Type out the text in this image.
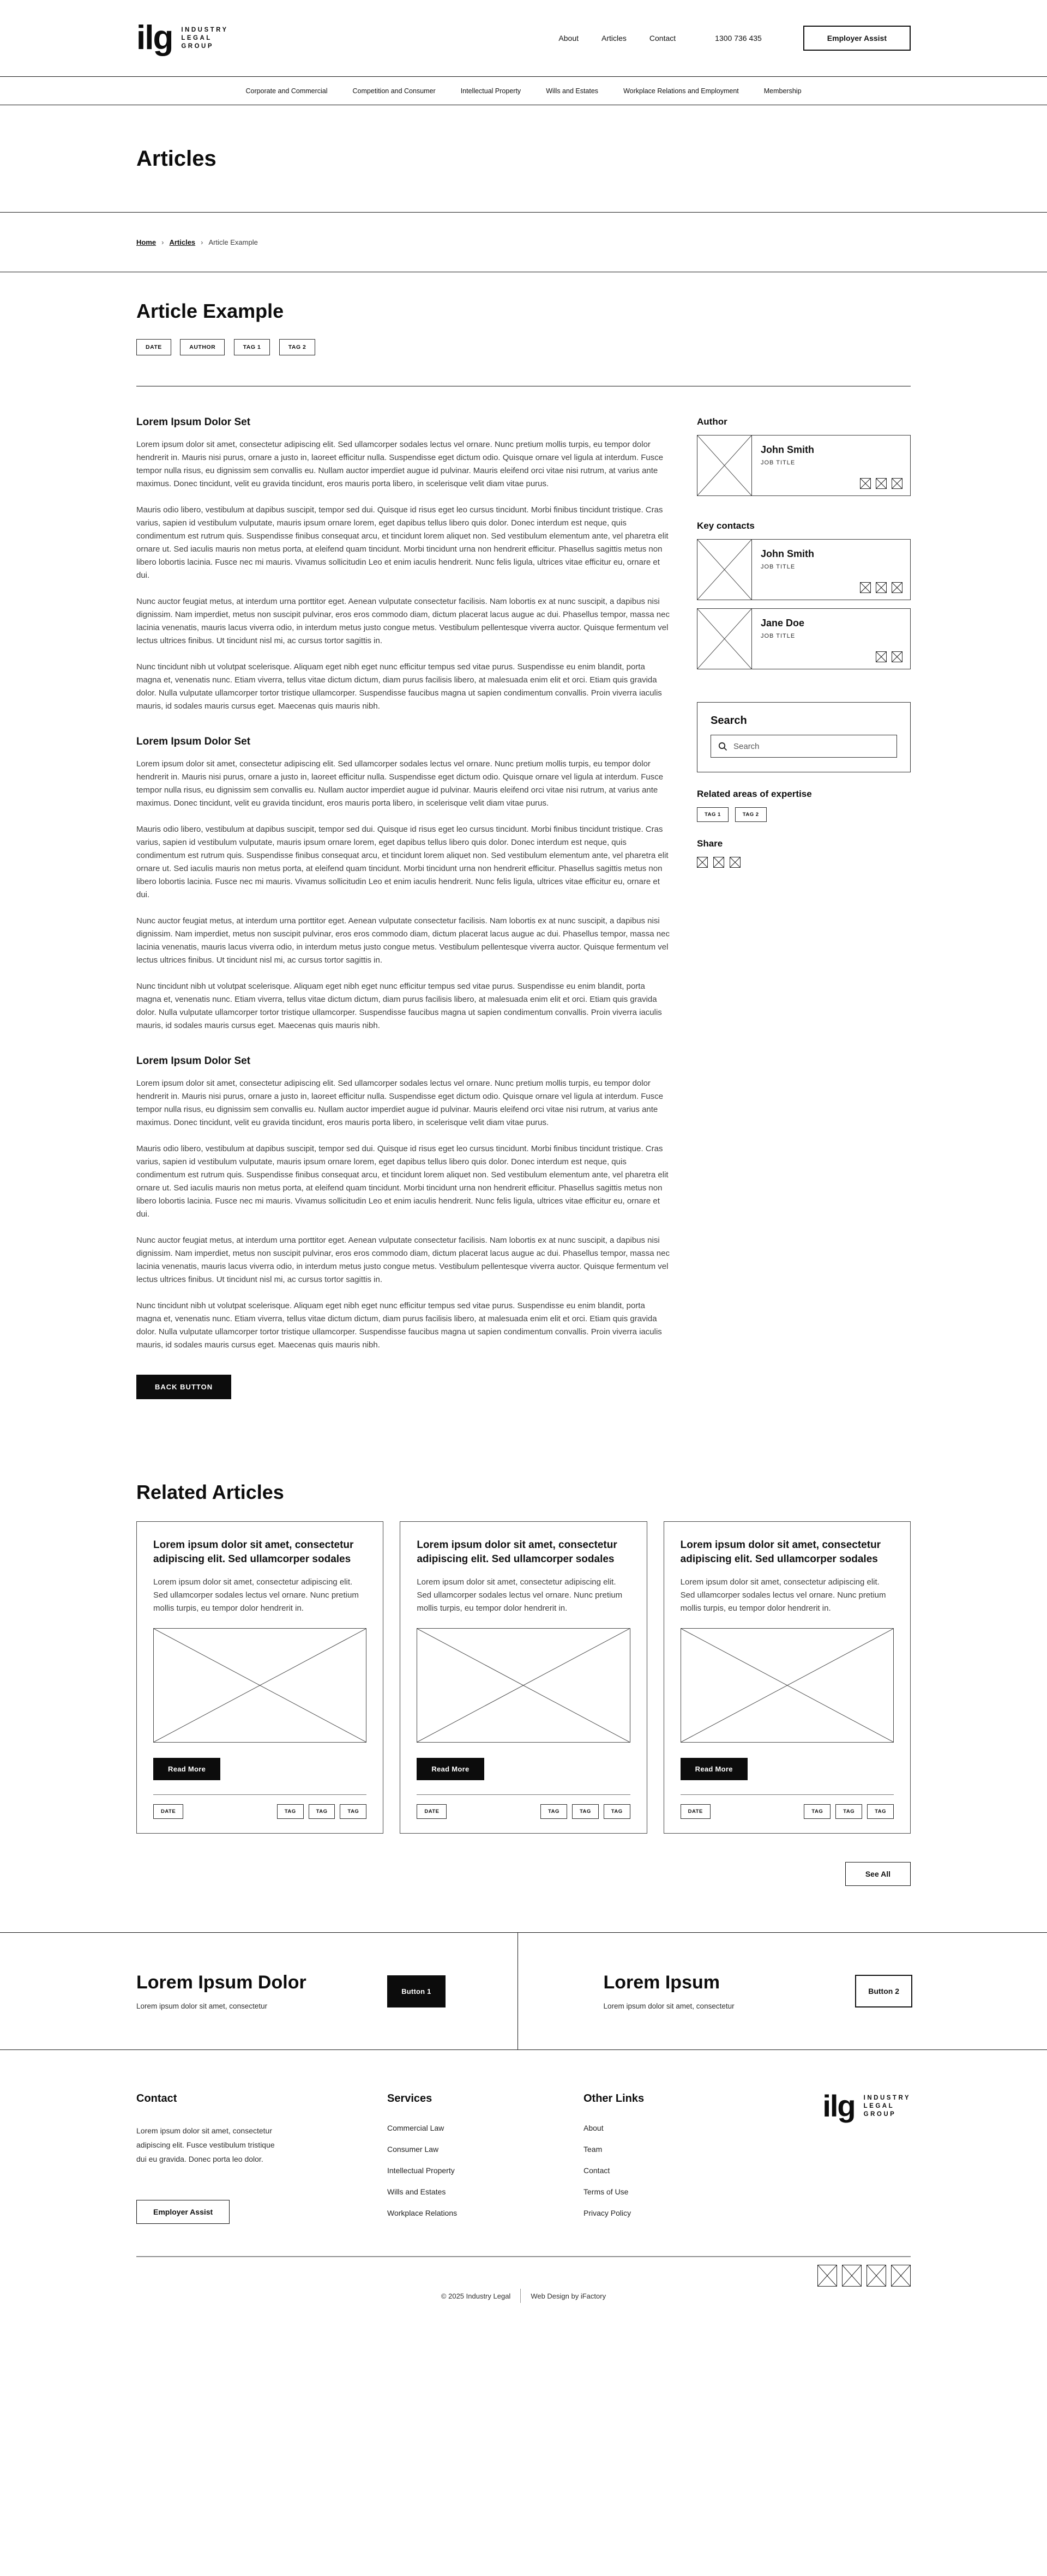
ilg INDUSTRY
LEGAL
GROUP
About	Articles	Contact	1300 736 435	Employer Assist
Corporate and Commercial	Competition and Consumer	Intellectual Property	Wills and Estates	Workplace Relations and Employment	Membership
Articles
Home › Articles › Article Example
Article Example
DATE	AUTHOR	TAG 1	TAG 2
Lorem Ipsum Dolor Set

Lorem ipsum dolor sit amet, consectetur adipiscing elit. Sed ullamcorper sodales lectus vel ornare. Nunc pretium mollis turpis, eu tempor dolor hendrerit in. Mauris nisi purus, ornare a justo in, laoreet efficitur nulla. Suspendisse eget dictum odio. Quisque ornare vel ligula at interdum. Fusce tempor nulla risus, eu dignissim sem convallis eu. Nullam auctor imperdiet augue id pulvinar. Mauris eleifend orci vitae nisi rutrum, at varius ante maximus. Donec tincidunt, velit eu gravida tincidunt, eros mauris porta libero, in scelerisque velit diam vitae purus.

Mauris odio libero, vestibulum at dapibus suscipit, tempor sed dui. Quisque id risus eget leo cursus tincidunt. Morbi finibus tincidunt tristique. Cras varius, sapien id vestibulum vulputate, mauris ipsum ornare lorem, eget dapibus tellus libero quis dolor. Donec interdum est neque, quis condimentum est rutrum quis. Suspendisse finibus consequat arcu, et tincidunt lorem aliquet non. Sed vestibulum elementum ante, vel pharetra elit ornare ut. Sed iaculis mauris non metus porta, at eleifend quam tincidunt. Morbi tincidunt urna non hendrerit efficitur. Phasellus sagittis metus non libero lobortis lacinia. Fusce nec mi mauris. Vivamus sollicitudin Leo et enim iaculis hendrerit. Nunc felis ligula, ultrices vitae efficitur eu, ornare et dui.

Nunc auctor feugiat metus, at interdum urna porttitor eget. Aenean vulputate consectetur facilisis. Nam lobortis ex at nunc suscipit, a dapibus nisi dignissim. Nam imperdiet, metus non suscipit pulvinar, eros eros commodo diam, dictum placerat lacus augue ac dui. Phasellus tempor, massa nec lacinia venenatis, mauris lacus viverra odio, in interdum metus justo congue metus. Vestibulum pellentesque viverra auctor. Quisque fermentum vel lectus ultrices finibus. Ut tincidunt nisl mi, ac cursus tortor sagittis in.

Nunc tincidunt nibh ut volutpat scelerisque. Aliquam eget nibh eget nunc efficitur tempus sed vitae purus. Suspendisse eu enim blandit, porta magna et, venenatis nunc. Etiam viverra, tellus vitae dictum dictum, diam purus facilisis libero, at malesuada enim elit et orci. Etiam quis gravida dolor. Nulla vulputate ullamcorper tortor tristique ullamcorper. Suspendisse faucibus magna ut sapien condimentum convallis. Proin viverra iaculis mauris, id sodales mauris cursus eget. Maecenas quis mauris nibh.

Lorem Ipsum Dolor Set

Lorem ipsum dolor sit amet, consectetur adipiscing elit. Sed ullamcorper sodales lectus vel ornare. Nunc pretium mollis turpis, eu tempor dolor hendrerit in. Mauris nisi purus, ornare a justo in, laoreet efficitur nulla. Suspendisse eget dictum odio. Quisque ornare vel ligula at interdum. Fusce tempor nulla risus, eu dignissim sem convallis eu. Nullam auctor imperdiet augue id pulvinar. Mauris eleifend orci vitae nisi rutrum, at varius ante maximus. Donec tincidunt, velit eu gravida tincidunt, eros mauris porta libero, in scelerisque velit diam vitae purus.

Mauris odio libero, vestibulum at dapibus suscipit, tempor sed dui. Quisque id risus eget leo cursus tincidunt. Morbi finibus tincidunt tristique. Cras varius, sapien id vestibulum vulputate, mauris ipsum ornare lorem, eget dapibus tellus libero quis dolor. Donec interdum est neque, quis condimentum est rutrum quis. Suspendisse finibus consequat arcu, et tincidunt lorem aliquet non. Sed vestibulum elementum ante, vel pharetra elit ornare ut. Sed iaculis mauris non metus porta, at eleifend quam tincidunt. Morbi tincidunt urna non hendrerit efficitur. Phasellus sagittis metus non libero lobortis lacinia. Fusce nec mi mauris. Vivamus sollicitudin Leo et enim iaculis hendrerit. Nunc felis ligula, ultrices vitae efficitur eu, ornare et dui.

Nunc auctor feugiat metus, at interdum urna porttitor eget. Aenean vulputate consectetur facilisis. Nam lobortis ex at nunc suscipit, a dapibus nisi dignissim. Nam imperdiet, metus non suscipit pulvinar, eros eros commodo diam, dictum placerat lacus augue ac dui. Phasellus tempor, massa nec lacinia venenatis, mauris lacus viverra odio, in interdum metus justo congue metus. Vestibulum pellentesque viverra auctor. Quisque fermentum vel lectus ultrices finibus. Ut tincidunt nisl mi, ac cursus tortor sagittis in.

Nunc tincidunt nibh ut volutpat scelerisque. Aliquam eget nibh eget nunc efficitur tempus sed vitae purus. Suspendisse eu enim blandit, porta magna et, venenatis nunc. Etiam viverra, tellus vitae dictum dictum, diam purus facilisis libero, at malesuada enim elit et orci. Etiam quis gravida dolor. Nulla vulputate ullamcorper tortor tristique ullamcorper. Suspendisse faucibus magna ut sapien condimentum convallis. Proin viverra iaculis mauris, id sodales mauris cursus eget. Maecenas quis mauris nibh.

Lorem Ipsum Dolor Set

Lorem ipsum dolor sit amet, consectetur adipiscing elit. Sed ullamcorper sodales lectus vel ornare. Nunc pretium mollis turpis, eu tempor dolor hendrerit in. Mauris nisi purus, ornare a justo in, laoreet efficitur nulla. Suspendisse eget dictum odio. Quisque ornare vel ligula at interdum. Fusce tempor nulla risus, eu dignissim sem convallis eu. Nullam auctor imperdiet augue id pulvinar. Mauris eleifend orci vitae nisi rutrum, at varius ante maximus. Donec tincidunt, velit eu gravida tincidunt, eros mauris porta libero, in scelerisque velit diam vitae purus.

Mauris odio libero, vestibulum at dapibus suscipit, tempor sed dui. Quisque id risus eget leo cursus tincidunt. Morbi finibus tincidunt tristique. Cras varius, sapien id vestibulum vulputate, mauris ipsum ornare lorem, eget dapibus tellus libero quis dolor. Donec interdum est neque, quis condimentum est rutrum quis. Suspendisse finibus consequat arcu, et tincidunt lorem aliquet non. Sed vestibulum elementum ante, vel pharetra elit ornare ut. Sed iaculis mauris non metus porta, at eleifend quam tincidunt. Morbi tincidunt urna non hendrerit efficitur. Phasellus sagittis metus non libero lobortis lacinia. Fusce nec mi mauris. Vivamus sollicitudin Leo et enim iaculis hendrerit. Nunc felis ligula, ultrices vitae efficitur eu, ornare et dui.

Nunc auctor feugiat metus, at interdum urna porttitor eget. Aenean vulputate consectetur facilisis. Nam lobortis ex at nunc suscipit, a dapibus nisi dignissim. Nam imperdiet, metus non suscipit pulvinar, eros eros commodo diam, dictum placerat lacus augue ac dui. Phasellus tempor, massa nec lacinia venenatis, mauris lacus viverra odio, in interdum metus justo congue metus. Vestibulum pellentesque viverra auctor. Quisque fermentum vel lectus ultrices finibus. Ut tincidunt nisl mi, ac cursus tortor sagittis in.

Nunc tincidunt nibh ut volutpat scelerisque. Aliquam eget nibh eget nunc efficitur tempus sed vitae purus. Suspendisse eu enim blandit, porta magna et, venenatis nunc. Etiam viverra, tellus vitae dictum dictum, diam purus facilisis libero, at malesuada enim elit et orci. Etiam quis gravida dolor. Nulla vulputate ullamcorper tortor tristique ullamcorper. Suspendisse faucibus magna ut sapien condimentum convallis. Proin viverra iaculis mauris, id sodales mauris cursus eget. Maecenas quis mauris nibh.

BACK BUTTON
Author
John Smith
JOB TITLE
Key contacts
John Smith
JOB TITLE
Jane Doe
JOB TITLE
Search
Search
Related areas of expertise
TAG 1	TAG 2
Share
Related Articles
Lorem ipsum dolor sit amet, consectetur adipiscing elit. Sed ullamcorper sodales
Lorem ipsum dolor sit amet, consectetur adipiscing elit. Sed ullamcorper sodales lectus vel ornare. Nunc pretium mollis turpis, eu tempor dolor hendrerit in.
Read More
DATE	TAG	TAG	TAG
Lorem ipsum dolor sit amet, consectetur adipiscing elit. Sed ullamcorper sodales
Lorem ipsum dolor sit amet, consectetur adipiscing elit. Sed ullamcorper sodales lectus vel ornare. Nunc pretium mollis turpis, eu tempor dolor hendrerit in.
Read More
DATE	TAG	TAG	TAG
Lorem ipsum dolor sit amet, consectetur adipiscing elit. Sed ullamcorper sodales
Lorem ipsum dolor sit amet, consectetur adipiscing elit. Sed ullamcorper sodales lectus vel ornare. Nunc pretium mollis turpis, eu tempor dolor hendrerit in.
Read More
DATE	TAG	TAG	TAG
See All
Lorem Ipsum Dolor
Lorem ipsum dolor sit amet, consectetur
Button 1	Lorem Ipsum
Lorem ipsum dolor sit amet, consectetur
Button 2
Contact

Lorem ipsum dolor sit amet, consectetur adipiscing elit. Fusce vestibulum tristique dui eu gravida. Donec porta leo dolor.

Employer Assist
Services
Commercial Law
Consumer Law
Intellectual Property
Wills and Estates
Workplace Relations
Other Links
About
Team
Contact
Terms of Use
Privacy Policy
ilg INDUSTRY
LEGAL
GROUP
© 2025 Industry Legal	Web Design by iFactory
